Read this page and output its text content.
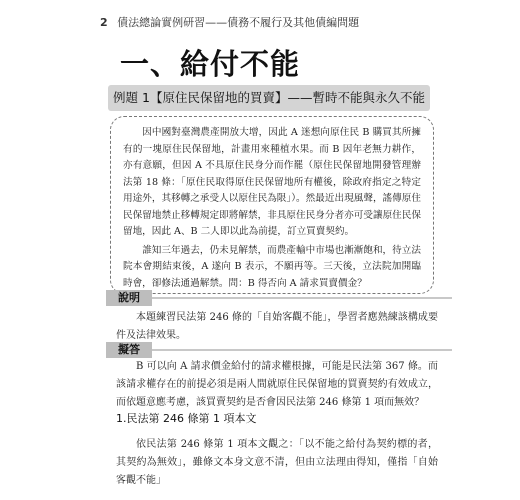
2 債法總論實例研習——債務不履行及其他債編問題
一、給付不能
例題 1【原住民保留地的買賣】——暫時不能與永久不能

因中國對臺灣農產開放大增，因此 A 迷想向原住民 B 購買其所擁有的一塊原住民保留地，計畫用來種植水果。而 B 因年老無力耕作，亦有意願，但因 A 不具原住民身分而作罷（原住民保留地開發管理辦法第 18 條：「原住民取得原住民保留地所有權後，除政府指定之特定用途外，其移轉之承受人以原住民為限」）。然最近出現風聲，謠傳原住民保留地禁止移轉規定即將解禁，非具原住民身分者亦可受讓原住民保留地，因此 A、B 二人即以此為前提，訂立買賣契約。

誰知三年過去，仍未見解禁，而農產輸中市場也漸漸飽和，待立法院本會期結束後，A 遂向 B 表示，不願再等。三天後，立法院加開臨時會，卻修法通過解禁。問：B 得否向 A 請求買賣價金？

說明

本題練習民法第 246 條的「自始客觀不能」，學習者應熟練該構成要件及法律效果。

擬答

B 可以向 A 請求價金給付的請求權根據，可能是民法第 367 條。而該請求權存在的前提必須是兩人間就原住民保留地的買賣契約有效成立，而依題意應考慮，該買賣契約是否會因民法第 246 條第 1 項而無效？

1.民法第 246 條第 1 項本文

依民法第 246 條第 1 項本文觀之：「以不能之給付為契約標的者，其契約為無效」，雖條文本身文意不清，但由立法理由得知，僅指「自始客觀不能」
